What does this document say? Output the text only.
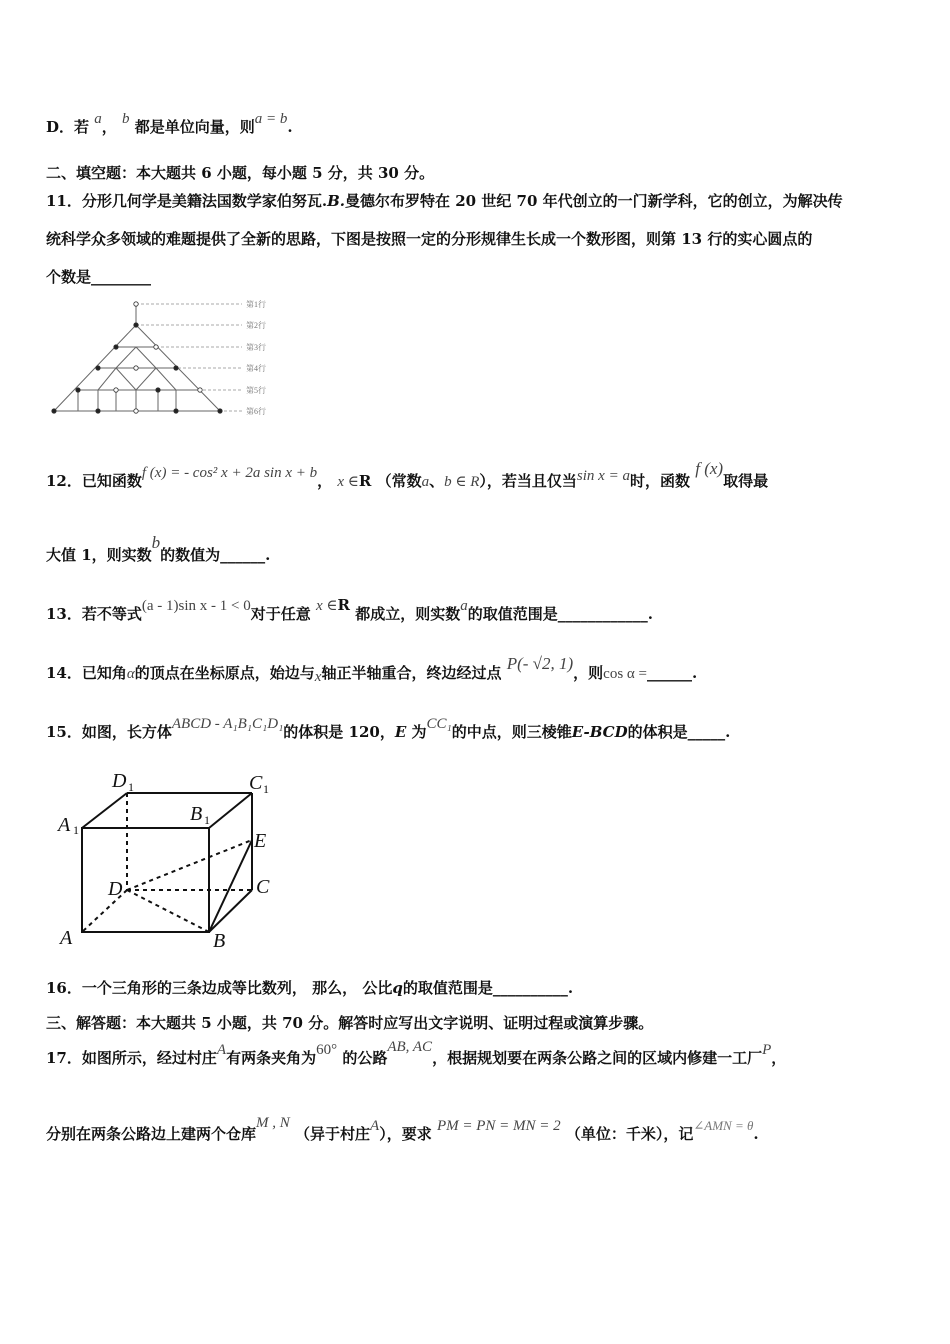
D．若 a， b 都是单位向量，则a = b.
二、填空题：本大题共 6 小题，每小题 5 分，共 30 分。
11．分形几何学是美籍法国数学家伯努瓦.B.曼德尔布罗特在 20 世纪 70 年代创立的一门新学科，它的创立，为解决传
统科学众多领域的难题提供了全新的思路，下图是按照一定的分形规律生长成一个数形图，则第 13 行的实心圆点的
个数是________
第1行
第2行
第3行
第4行
第5行
第6行
12．已知函数f (x) = - cos² x + 2a sin x + b， x ∈R （常数a、b ∈ R），若当且仅当sin x = a时，函数 f (x)取得最
大值 1，则实数b的数值为______.
13．若不等式(a - 1)sin x - 1 < 0对于任意 x ∈R 都成立，则实数a的取值范围是____________.
14．已知角α的顶点在坐标原点，始边与x轴正半轴重合，终边经过点 P(- √2, 1)，则cos α =______.
15．如图，长方体ABCD - A₁B₁C₁D₁的体积是 120，E 为CC₁的中点，则三棱锥E-BCD的体积是_____.
D 1	C 1
A 1
B 1
E
D	C
A	B
16．一个三角形的三条边成等比数列， 那么， 公比q的取值范围是__________.
三、解答题：本大题共 5 小题，共 70 分。解答时应写出文字说明、证明过程或演算步骤。
17．如图所示，经过村庄A有两条夹角为60° 的公路AB, AC，根据规划要在两条公路之间的区域内修建一工厂P，
分别在两条公路边上建两个仓库M , N （异于村庄A），要求 PM = PN = MN = 2 （单位：千米），记∠AMN = θ.
